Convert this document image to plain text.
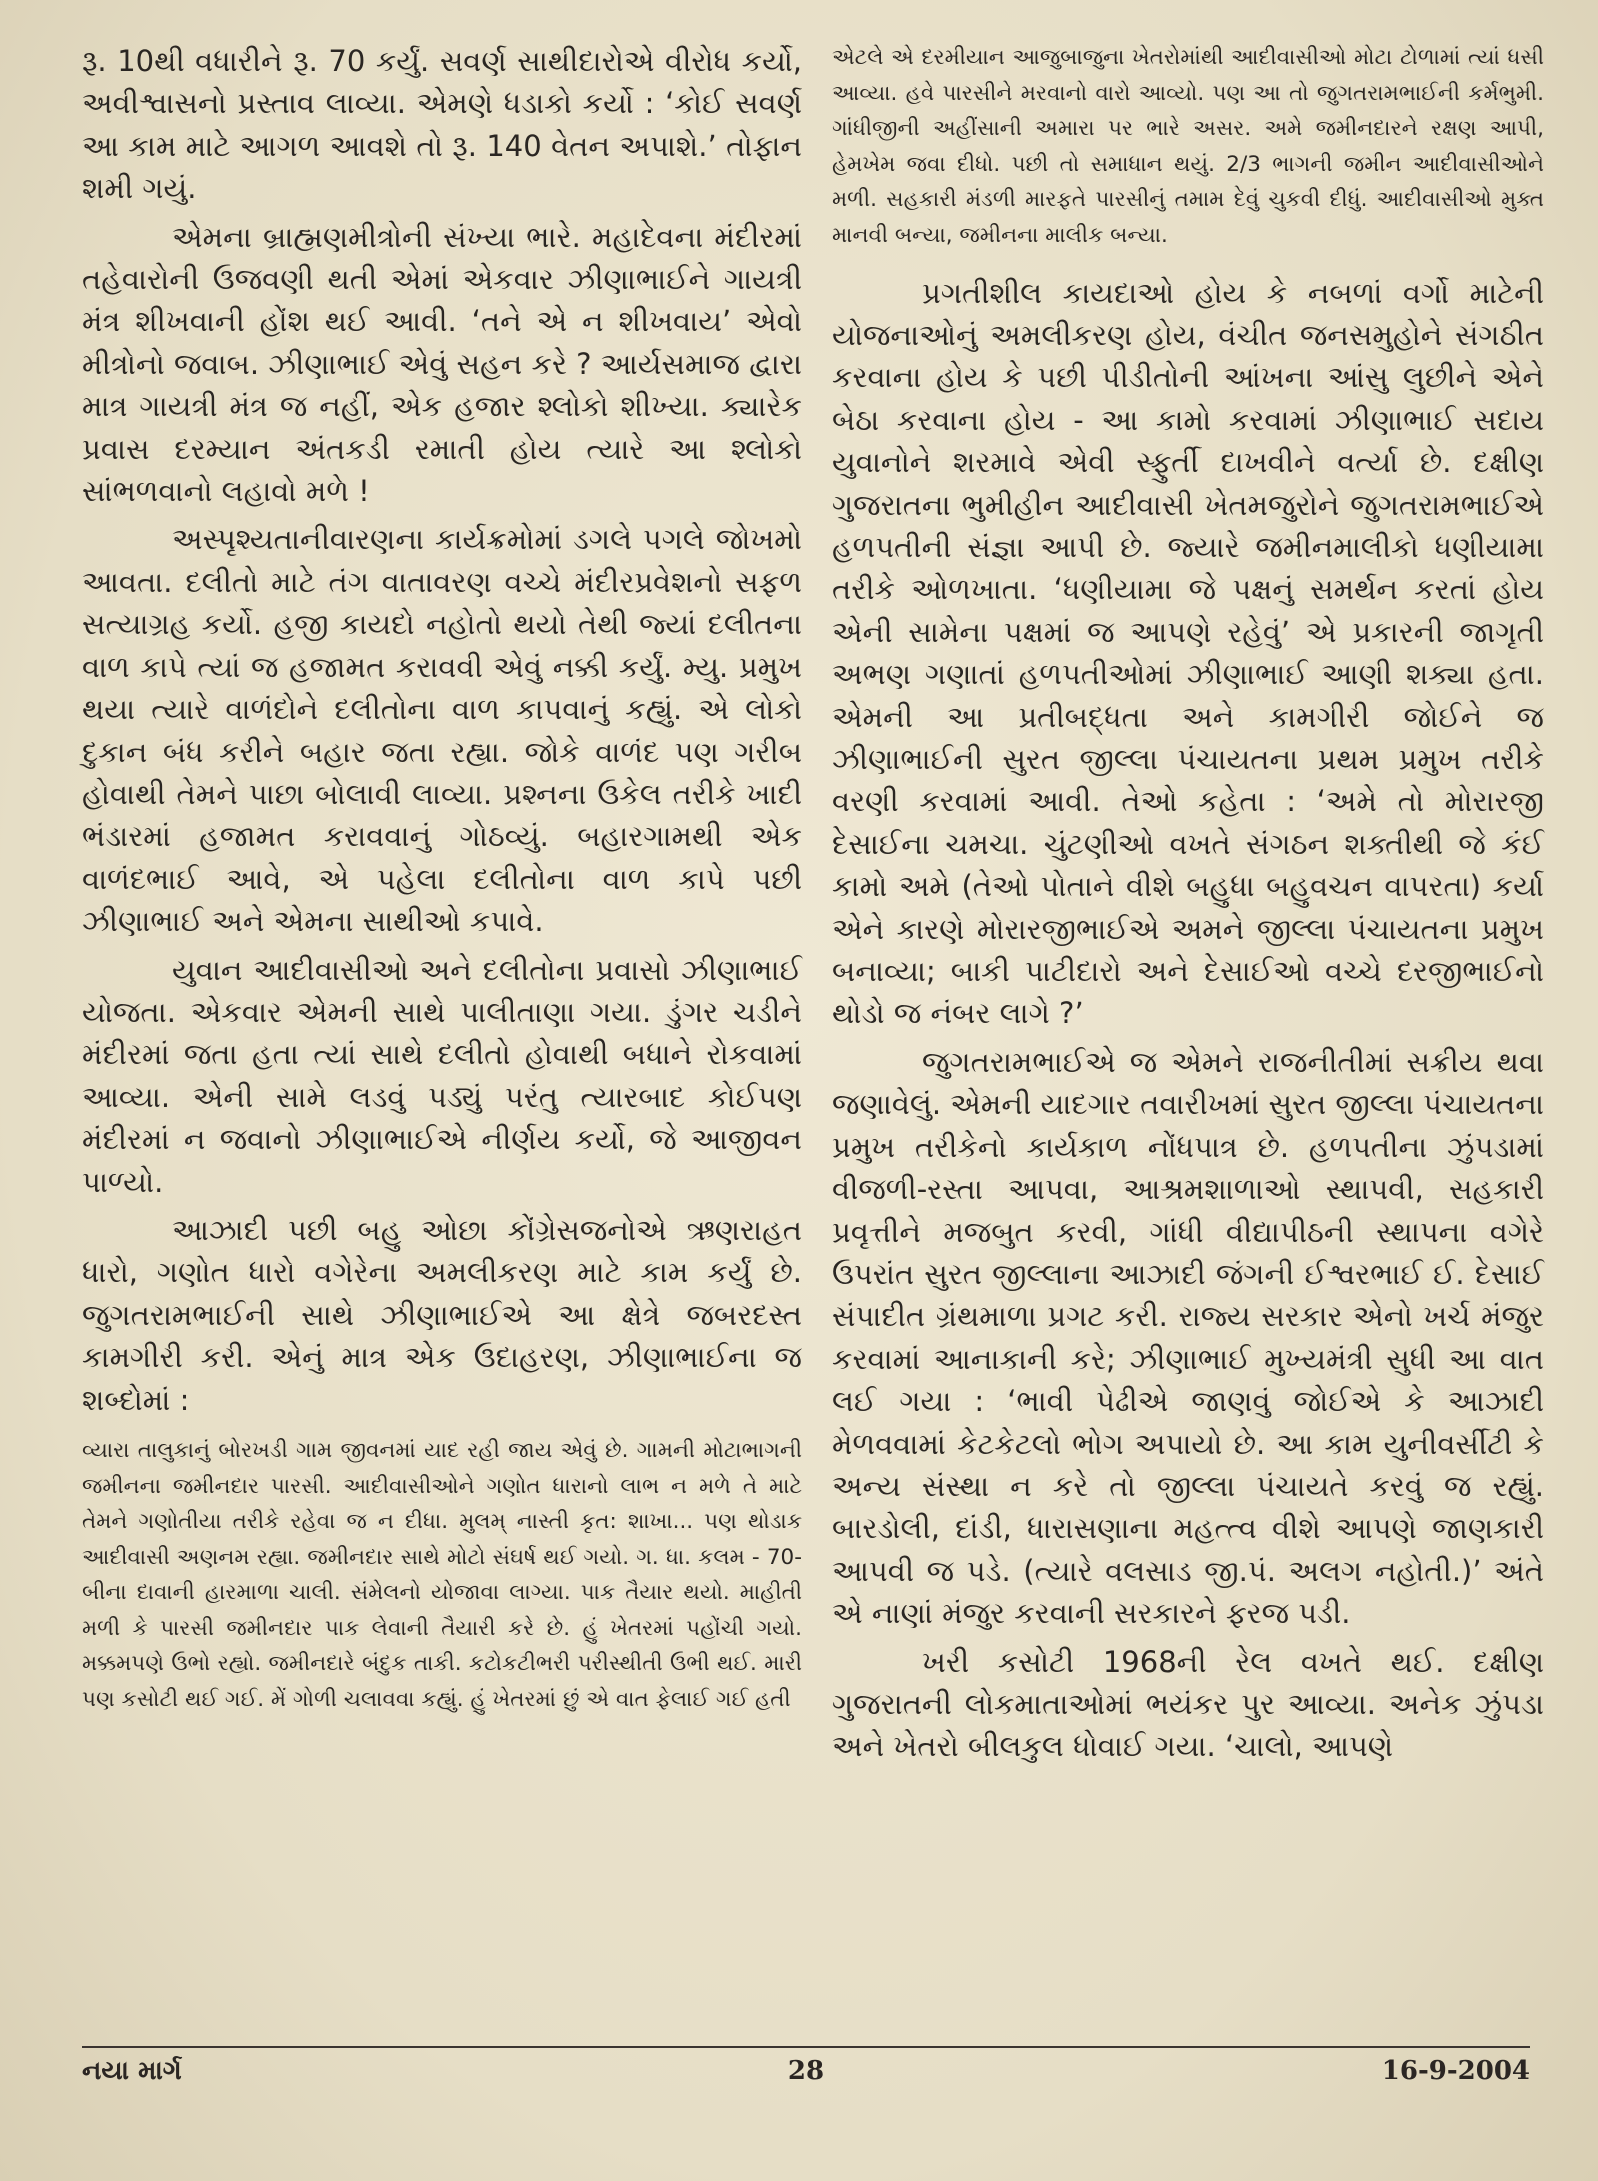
રૂ. 10થી વધારીને રૂ. 70 કર્યું. સવર્ણ સાથીદારોએ વીરોધ કર્યો, અવીશ્વાસનો પ્રસ્તાવ લાવ્યા. એમણે ધડાકો કર્યો : ‘કોઈ સવર્ણ આ કામ માટે આગળ આવશે તો રૂ. 140 વેતન અપાશે.’ તોફાન શમી ગયું.

એમના બ્રાહ્મણમીત્રોની સંખ્યા ભારે. મહાદેવના મંદીરમાં તહેવારોની ઉજવણી થતી એમાં એકવાર ઝીણાભાઈને ગાયત્રી મંત્ર શીખવાની હોંશ થઈ આવી. ‘તને એ ન શીખવાય’ એવો મીત્રોનો જવાબ. ઝીણાભાઈ એવું સહન કરે ? આર્યસમાજ દ્વારા માત્ર ગાયત્રી મંત્ર જ નહીં, એક હજાર શ્લોકો શીખ્યા. ક્યારેક પ્રવાસ દરમ્યાન અંતકડી રમાતી હોય ત્યારે આ શ્લોકો સાંભળવાનો લહાવો મળે !

અસ્પૃશ્યતાનીવારણના કાર્યક્રમોમાં ડગલે પગલે જોખમો આવતા. દલીતો માટે તંગ વાતાવરણ વચ્ચે મંદીરપ્રવેશનો સફળ સત્યાગ્રહ કર્યો. હજી કાયદો નહોતો થયો તેથી જ્યાં દલીતના વાળ કાપે ત્યાં જ હજામત કરાવવી એવું નક્કી કર્યું. મ્યુ. પ્રમુખ થયા ત્યારે વાળંદોને દલીતોના વાળ કાપવાનું કહ્યું. એ લોકો દુકાન બંધ કરીને બહાર જતા રહ્યા. જોકે વાળંદ પણ ગરીબ હોવાથી તેમને પાછા બોલાવી લાવ્યા. પ્રશ્નના ઉકેલ તરીકે ખાદી ભંડારમાં હજામત કરાવવાનું ગોઠવ્યું. બહારગામથી એક વાળંદભાઈ આવે, એ પહેલા દલીતોના વાળ કાપે પછી ઝીણાભાઈ અને એમના સાથીઓ કપાવે.

યુવાન આદીવાસીઓ અને દલીતોના પ્રવાસો ઝીણાભાઈ યોજતા. એકવાર એમની સાથે પાલીતાણા ગયા. ડુંગર ચડીને મંદીરમાં જતા હતા ત્યાં સાથે દલીતો હોવાથી બધાને રોકવામાં આવ્યા. એની સામે લડવું પડ્યું પરંતુ ત્યારબાદ કોઈપણ મંદીરમાં ન જવાનો ઝીણાભાઈએ નીર્ણય કર્યો, જે આજીવન પાળ્યો.

આઝાદી પછી બહુ ઓછા કોંગ્રેસજનોએ ઋણરાહત ધારો, ગણોત ધારો વગેરેના અમલીકરણ માટે કામ કર્યું છે. જુગતરામભાઈની સાથે ઝીણાભાઈએ આ ક્ષેત્રે જબરદસ્ત કામગીરી કરી. એનું માત્ર એક ઉદાહરણ, ઝીણાભાઈના જ શબ્દોમાં :

વ્યારા તાલુકાનું બોરખડી ગામ જીવનમાં યાદ રહી જાય એવું છે. ગામની મોટાભાગની જમીનના જમીનદાર પારસી. આદીવાસીઓને ગણોત ધારાનો લાભ ન મળે તે માટે તેમને ગણોતીયા તરીકે રહેવા જ ન દીધા. મુલમ્ નાસ્તી કૃત: શાખા... પણ થોડાક આદીવાસી અણનમ રહ્યા. જમીનદાર સાથે મોટો સંઘર્ષ થઈ ગયો. ગ. ધા. કલમ - 70-બીના દાવાની હારમાળા ચાલી. સંમેલનો યોજાવા લાગ્યા. પાક તૈયાર થયો. માહીતી મળી કે પારસી જમીનદાર પાક લેવાની તૈયારી કરે છે. હું ખેતરમાં પહોંચી ગયો. મક્કમપણે ઉભો રહ્યો. જમીનદારે બંદુક તાકી. કટોકટીભરી પરીસ્થીતી ઉભી થઈ. મારી પણ કસોટી થઈ ગઈ. મેં ગોળી ચલાવવા કહ્યું. હું ખેતરમાં છું એ વાત ફેલાઈ ગઈ હતી

એટલે એ દરમીયાન આજુબાજુના ખેતરોમાંથી આદીવાસીઓ મોટા ટોળામાં ત્યાં ધસી આવ્યા. હવે પારસીને મરવાનો વારો આવ્યો. પણ આ તો જુગતરામભાઈની કર્મભુમી. ગાંધીજીની અહીંસાની અમારા પર ભારે અસર. અમે જમીનદારને રક્ષણ આપી, હેમખેમ જવા દીધો. પછી તો સમાધાન થયું. 2/3 ભાગની જમીન આદીવાસીઓને મળી. સહકારી મંડળી મારફતે પારસીનું તમામ દેવું ચુકવી દીધું. આદીવાસીઓ મુક્ત માનવી બન્યા, જમીનના માલીક બન્યા.

પ્રગતીશીલ કાયદાઓ હોય કે નબળાં વર્ગો માટેની યોજનાઓનું અમલીકરણ હોય, વંચીત જનસમુહોને સંગઠીત કરવાના હોય કે પછી પીડીતોની આંખના આંસુ લુછીને એને બેઠા કરવાના હોય - આ કામો કરવામાં ઝીણાભાઈ સદાય યુવાનોને શરમાવે એવી સ્ફુર્તી દાખવીને વર્ત્યા છે. દક્ષીણ ગુજરાતના ભુમીહીન આદીવાસી ખેતમજુરોને જુગતરામભાઈએ હળપતીની સંજ્ઞા આપી છે. જ્યારે જમીનમાલીકો ધણીયામા તરીકે ઓળખાતા. ‘ધણીયામા જે પક્ષનું સમર્થન કરતાં હોય એની સામેના પક્ષમાં જ આપણે રહેવું’ એ પ્રકારની જાગૃતી અભણ ગણાતાં હળપતીઓમાં ઝીણાભાઈ આણી શક્યા હતા. એમની આ પ્રતીબદ્ધતા અને કામગીરી જોઈને જ ઝીણાભાઈની સુરત જીલ્લા પંચાયતના પ્રથમ પ્રમુખ તરીકે વરણી કરવામાં આવી. તેઓ કહેતા : ‘અમે તો મોરારજી દેસાઈના ચમચા. ચુંટણીઓ વખતે સંગઠન શક્તીથી જે કંઈ કામો અમે (તેઓ પોતાને વીશે બહુધા બહુવચન વાપરતા) કર્યા એને કારણે મોરારજીભાઈએ અમને જીલ્લા પંચાયતના પ્રમુખ બનાવ્યા; બાકી પાટીદારો અને દેસાઈઓ વચ્ચે દરજીભાઈનો થોડો જ નંબર લાગે ?’

જુગતરામભાઈએ જ એમને રાજનીતીમાં સક્રીય થવા જણાવેલું. એમની યાદગાર તવારીખમાં સુરત જીલ્લા પંચાયતના પ્રમુખ તરીકેનો કાર્યકાળ નોંધપાત્ર છે. હળપતીના ઝુંપડામાં વીજળી-રસ્તા આપવા, આશ્રમશાળાઓ સ્થાપવી, સહકારી પ્રવૃત્તીને મજબુત કરવી, ગાંધી વીદ્યાપીઠની સ્થાપના વગેરે ઉપરાંત સુરત જીલ્લાના આઝાદી જંગની ઈશ્વરભાઈ ઈ. દેસાઈ સંપાદીત ગ્રંથમાળા પ્રગટ કરી. રાજ્ય સરકાર એનો ખર્ચ મંજુર કરવામાં આનાકાની કરે; ઝીણાભાઈ મુખ્યમંત્રી સુધી આ વાત લઈ ગયા : ‘ભાવી પેઢીએ જાણવું જોઈએ કે આઝાદી મેળવવામાં કેટકેટલો ભોગ અપાયો છે. આ કામ યુનીવર્સીટી કે અન્ય સંસ્થા ન કરે તો જીલ્લા પંચાયતે કરવું જ રહ્યું. બારડોલી, દાંડી, ધારાસણાના મહત્ત્વ વીશે આપણે જાણકારી આપવી જ પડે. (ત્યારે વલસાડ જી.પં. અલગ નહોતી.)’ અંતે એ નાણાં મંજુર કરવાની સરકારને ફરજ પડી.

ખરી કસોટી 1968ની રેલ વખતે થઈ. દક્ષીણ ગુજરાતની લોકમાતાઓમાં ભયંકર પુર આવ્યા. અનેક ઝુંપડા અને ખેતરો બીલકુલ ધોવાઈ ગયા. ‘ચાલો, આપણે

નયા માર્ગ	28	16-9-2004
